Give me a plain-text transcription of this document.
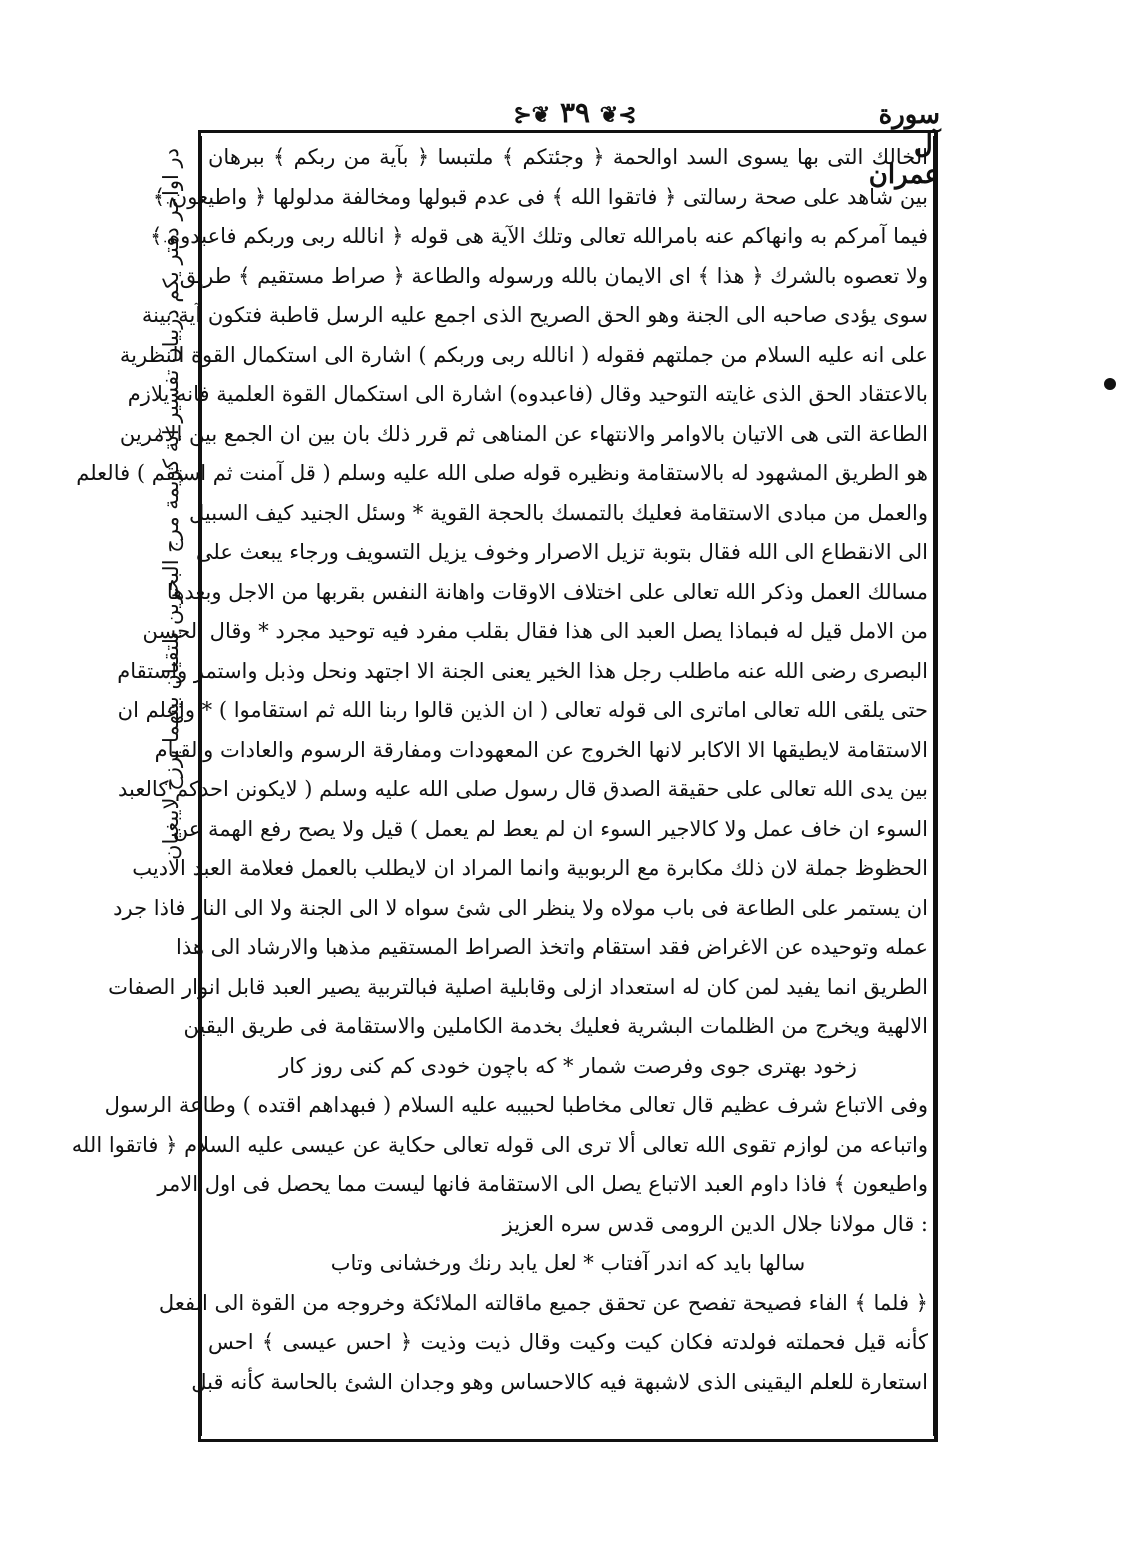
سورة آل عمران
⊱❦ ٣٩ ❦⊰
الخالك التى بها يسوى السد اوالحمة ﴿ وجئتكم ﴾ ملتبسا ﴿ بآية من ربكم ﴾ ببرهان
بين شاهد على صحة رسالتى ﴿ فاتقوا الله ﴾ فى عدم قبولها ومخالفة مدلولها ﴿ واطيعون ﴾
فيما آمركم به وانهاكم عنه بامرالله تعالى وتلك الآية هى قوله ﴿ انالله ربى وربكم فاعبدوه ﴾
ولا تعصوه بالشرك ﴿ هذا ﴾ اى الايمان بالله ورسوله والطاعة ﴿ صراط مستقيم ﴾ طريق
سوى يؤدى صاحبه الى الجنة وهو الحق الصريح الذى اجمع عليه الرسل قاطبة فتكون آية بينة
على انه عليه السلام من جملتهم فقوله ( انالله ربى وربكم ) اشارة الى استكمال القوة النظرية
بالاعتقاد الحق الذى غايته التوحيد وقال (فاعبدوه) اشارة الى استكمال القوة العلمية فانه يلازم
الطاعة التى هى الاتيان بالاوامر والانتهاء عن المناهى ثم قرر ذلك بان بين ان الجمع بين الامرين
هو الطريق المشهود له بالاستقامة ونظيره قوله صلى الله عليه وسلم ( قل آمنت ثم استقم ) فالعلم
والعمل من مبادى الاستقامة فعليك بالتمسك بالحجة القوية * وسئل الجنيد كيف السبيل
الى الانقطاع الى الله فقال بتوبة تزيل الاصرار وخوف يزيل التسويف ورجاء يبعث على
مسالك العمل وذكر الله تعالى على اختلاف الاوقات واهانة النفس بقربها من الاجل وبعدها
من الامل قيل له فبماذا يصل العبد الى هذا فقال بقلب مفرد فيه توحيد مجرد * وقال الحسن
البصرى رضى الله عنه ماطلب رجل هذا الخير يعنى الجنة الا اجتهد ونحل وذبل واستمر واستقام
حتى يلقى الله تعالى اماترى الى قوله تعالى ( ان الذين قالوا ربنا الله ثم استقاموا ) * واعلم ان
الاستقامة لايطيقها الا الاكابر لانها الخروج عن المعهودات ومفارقة الرسوم والعادات والقيام
بين يدى الله تعالى على حقيقة الصدق قال رسول صلى الله عليه وسلم ( لايكونن احدكم كالعبد
السوء ان خاف عمل ولا كالاجير السوء ان لم يعط لم يعمل ) قيل ولا يصح رفع الهمة عن
الحظوظ جملة لان ذلك مكابرة مع الربوبية وانما المراد ان لايطلب بالعمل فعلامة العبد الاديب
ان يستمر على الطاعة فى باب مولاه ولا ينظر الى شئ سواه لا الى الجنة ولا الى النار فاذا جرد
عمله وتوحيده عن الاغراض فقد استقام واتخذ الصراط المستقيم مذهبا والارشاد الى هذا
الطريق انما يفيد لمن كان له استعداد ازلى وقابلية اصلية فبالتربية يصير العبد قابل انوار الصفات
الالهية ويخرج من الظلمات البشرية فعليك بخدمة الكاملين والاستقامة فى طريق اليقين
زخود بهترى جوى وفرصت شمار * كه باچون خودى كم كنى روز كار
وفى الاتباع شرف عظيم قال تعالى مخاطبا لحبيبه عليه السلام ( فبهداهم اقتده ) وطاعة الرسول
واتباعه من لوازم تقوى الله تعالى ألا ترى الى قوله تعالى حكاية عن عيسى عليه السلام ﴿ فاتقوا الله
واطيعون ﴾ فاذا داوم العبد الاتباع يصل الى الاستقامة فانها ليست مما يحصل فى اول الامر
: قال مولانا جلال الدين الرومى قدس سره العزيز
سالها بايد كه اندر آفتاب * لعل يابد رنك ورخشانى وتاب
﴿ فلما ﴾ الفاء فصيحة تفصح عن تحقق جميع ماقالته الملائكة وخروجه من القوة الى الفعل
كأنه قيل فحملته فولدته فكان كيت وكيت وقال ذيت وذيت ﴿ احس عيسى ﴾ احس
استعارة للعلم اليقينى الذى لاشبهة فيه كالاحساس وهو وجدان الشئ بالحاسة كأنه قبل
در اواخر دفتر يكم دربيان تفسير آية كريمة مرج البحرين يلتقيان بينهما برزخ لايبغيان
